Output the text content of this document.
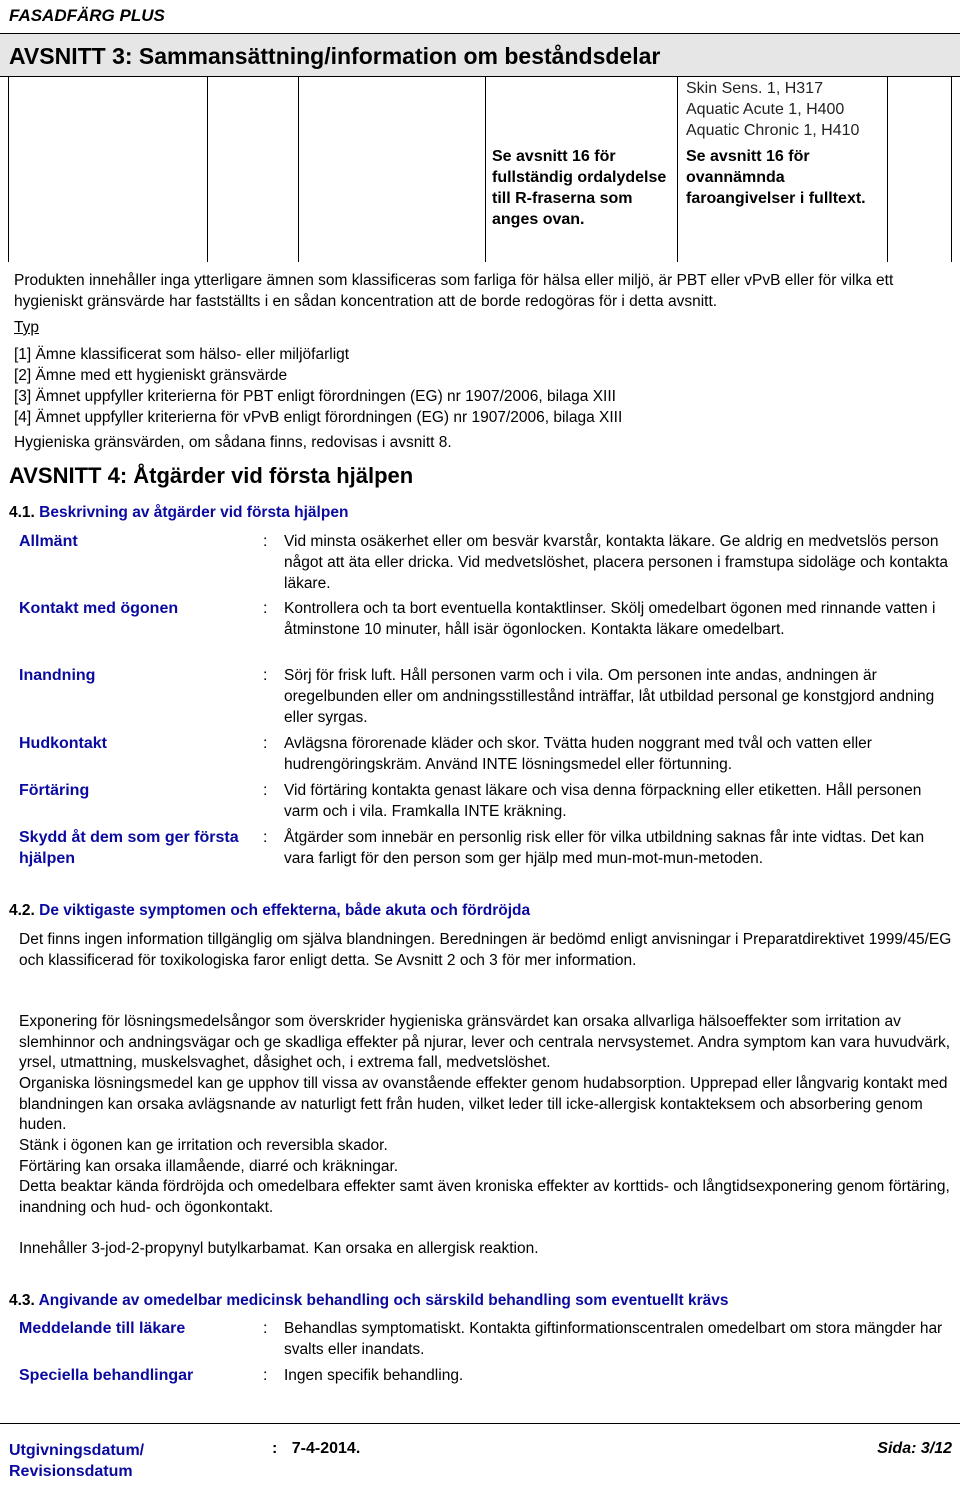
FASADFÄRG PLUS
AVSNITT 3: Sammansättning/information om beståndsdelar
Se avsnitt 16 för fullständig ordalydelse till R-fraserna som anges ovan.
Skin Sens. 1, H317
Aquatic Acute 1, H400
Aquatic Chronic 1, H410
Se avsnitt 16 för ovannämnda faroangivelser i fulltext.
Produkten innehåller inga ytterligare ämnen som klassificeras som farliga för hälsa eller miljö, är PBT eller vPvB eller för vilka ett hygieniskt gränsvärde har fastställts i en sådan koncentration att de borde redogöras för i detta avsnitt.
Typ
[1] Ämne klassificerat som hälso- eller miljöfarligt
[2] Ämne med ett hygieniskt gränsvärde
[3] Ämnet uppfyller kriterierna för PBT enligt förordningen (EG) nr 1907/2006, bilaga XIII
[4] Ämnet uppfyller kriterierna för vPvB enligt förordningen (EG) nr 1907/2006, bilaga XIII
Hygieniska gränsvärden, om sådana finns, redovisas i avsnitt 8.
AVSNITT 4: Åtgärder vid första hjälpen
4.1. Beskrivning av åtgärder vid första hjälpen
Allmänt	: Vid minsta osäkerhet eller om besvär kvarstår, kontakta läkare. Ge aldrig en medvetslös person något att äta eller dricka. Vid medvetslöshet, placera personen i framstupa sidoläge och kontakta läkare.
Kontakt med ögonen	: Kontrollera och ta bort eventuella kontaktlinser. Skölj omedelbart ögonen med rinnande vatten i åtminstone 10 minuter, håll isär ögonlocken. Kontakta läkare omedelbart.
Inandning	: Sörj för frisk luft. Håll personen varm och i vila. Om personen inte andas, andningen är oregelbunden eller om andningsstillestånd inträffar, låt utbildad personal ge konstgjord andning eller syrgas.
Hudkontakt	: Avlägsna förorenade kläder och skor. Tvätta huden noggrant med tvål och vatten eller hudrengöringskräm. Använd INTE lösningsmedel eller förtunning.
Förtäring	: Vid förtäring kontakta genast läkare och visa denna förpackning eller etiketten. Håll personen varm och i vila. Framkalla INTE kräkning.
Skydd åt dem som ger första hjälpen
: Åtgärder som innebär en personlig risk eller för vilka utbildning saknas får inte vidtas. Det kan vara farligt för den person som ger hjälp med mun-mot-mun-metoden.
4.2. De viktigaste symptomen och effekterna, både akuta och fördröjda
Det finns ingen information tillgänglig om själva blandningen. Beredningen är bedömd enligt anvisningar i Preparatdirektivet 1999/45/EG och klassificerad för toxikologiska faror enligt detta. Se Avsnitt 2 och 3 för mer information.
Exponering för lösningsmedelsångor som överskrider hygieniska gränsvärdet kan orsaka allvarliga hälsoeffekter som irritation av slemhinnor och andningsvägar och ge skadliga effekter på njurar, lever och centrala nervsystemet. Andra symptom kan vara huvudvärk, yrsel, utmattning, muskelsvaghet, dåsighet och, i extrema fall, medvetslöshet.
Organiska lösningsmedel kan ge upphov till vissa av ovanstående effekter genom hudabsorption. Upprepad eller långvarig kontakt med blandningen kan orsaka avlägsnande av naturligt fett från huden, vilket leder till icke-allergisk kontakteksem och absorbering genom huden.
Stänk i ögonen kan ge irritation och reversibla skador.
Förtäring kan orsaka illamående, diarré och kräkningar.
Detta beaktar kända fördröjda och omedelbara effekter samt även kroniska effekter av korttids- och långtidsexponering genom förtäring, inandning och hud- och ögonkontakt.
Innehåller 3-jod-2-propynyl butylkarbamat. Kan orsaka en allergisk reaktion.
4.3. Angivande av omedelbar medicinsk behandling och särskild behandling som eventuellt krävs
Meddelande till läkare	: Behandlas symptomatiskt. Kontakta giftinformationscentralen omedelbart om stora mängder har svalts eller inandats.
Speciella behandlingar	: Ingen specifik behandling.
Utgivningsdatum/ Revisionsdatum
: 7-4-2014.	Sida: 3/12
